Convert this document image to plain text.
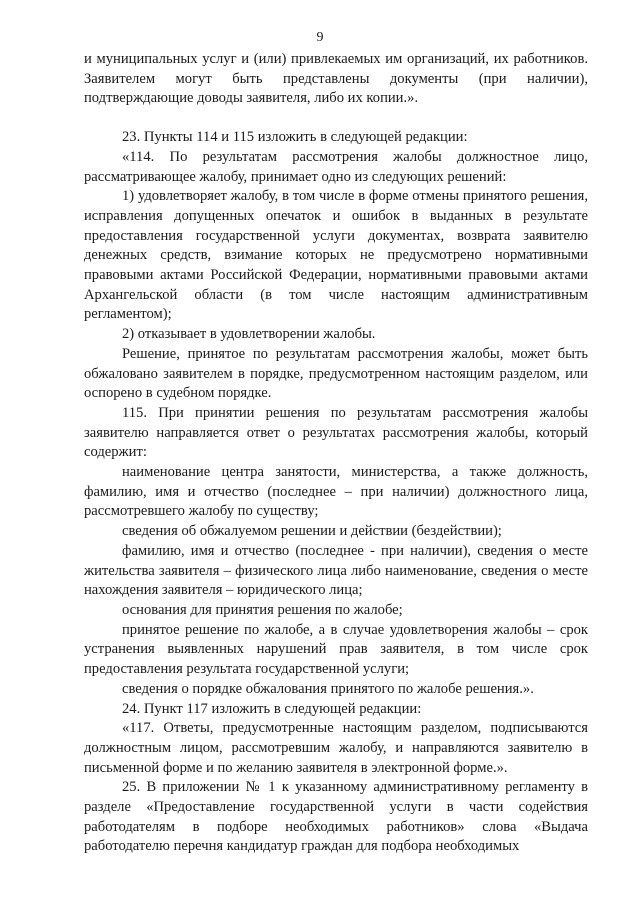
9

и муниципальных услуг и (или) привлекаемых им организаций, их работников. Заявителем могут быть представлены документы (при наличии), подтверждающие доводы заявителя, либо их копии.».

23. Пункты 114 и 115 изложить в следующей редакции:

«114. По результатам рассмотрения жалобы должностное лицо, рассматривающее жалобу, принимает одно из следующих решений:

1) удовлетворяет жалобу, в том числе в форме отмены принятого решения, исправления допущенных опечаток и ошибок в выданных в результате предоставления государственной услуги документах, возврата заявителю денежных средств, взимание которых не предусмотрено нормативными правовыми актами Российской Федерации, нормативными правовыми актами Архангельской области (в том числе настоящим административным регламентом);

2) отказывает в удовлетворении жалобы.

Решение, принятое по результатам рассмотрения жалобы, может быть обжаловано заявителем в порядке, предусмотренном настоящим разделом, или оспорено в судебном порядке.

115. При принятии решения по результатам рассмотрения жалобы заявителю направляется ответ о результатах рассмотрения жалобы, который содержит:

наименование центра занятости, министерства, а также должность, фамилию, имя и отчество (последнее – при наличии) должностного лица, рассмотревшего жалобу по существу;

сведения об обжалуемом решении и действии (бездействии);

фамилию, имя и отчество (последнее - при наличии), сведения о месте жительства заявителя – физического лица либо наименование, сведения о месте нахождения заявителя – юридического лица;

основания для принятия решения по жалобе;

принятое решение по жалобе, а в случае удовлетворения жалобы – срок устранения выявленных нарушений прав заявителя, в том числе срок предоставления результата государственной услуги;

сведения о порядке обжалования принятого по жалобе решения.».

24. Пункт 117 изложить в следующей редакции:

«117. Ответы, предусмотренные настоящим разделом, подписываются должностным лицом, рассмотревшим жалобу, и направляются заявителю в письменной форме и по желанию заявителя в электронной форме.».

25. В приложении № 1 к указанному административному регламенту в разделе «Предоставление государственной услуги в части содействия работодателям в подборе необходимых работников» слова «Выдача работодателю перечня кандидатур граждан для подбора необходимых
